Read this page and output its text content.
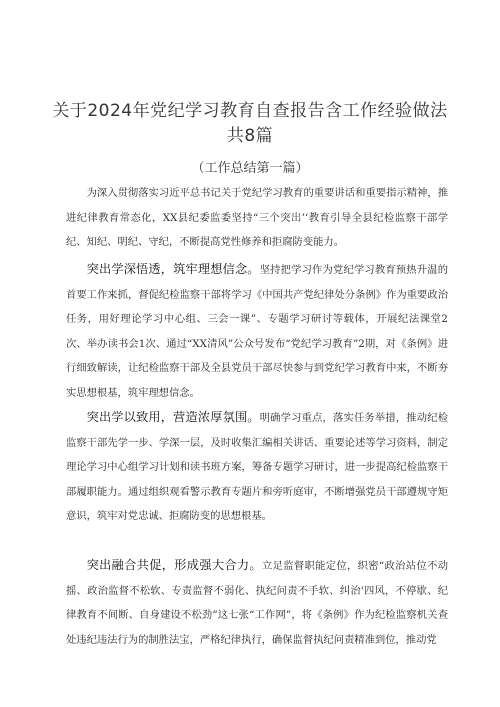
关于2024年党纪学习教育自查报告含工作经验做法
共8篇
（工作总结第一篇）

为深入贯彻落实习近平总书记关于党纪学习教育的重要讲话和重要指示精神，推进纪律教育常态化，XX县纪委监委坚持“三个突出’‘教育引导全县纪检监察干部学纪、知纪、明纪、守纪，不断提高党性修养和拒腐防变能力。

突出学深悟透，筑牢理想信念。坚持把学习作为党纪学习教育预热升温的首要工作来抓，督促纪检监察干部将学习《中国共产党纪律处分条例》作为重要政治任务，用好理论学习中心组、三会一课”、专题学习研讨等载体，开展纪法课堂2次、举办读书会1次、通过“XX清风”公众号发布“党纪学习教育”2期，对《条例》进行细致解读，让纪检监察干部及全县党员干部尽快参与到党纪学习教育中来，不断夯实思想根基，筑牢理想信念。

突出学以致用，营造浓厚氛围。明确学习重点，落实任务举措，推动纪检监察干部先学一步、学深一层，及时收集汇编相关讲话、重要论述等学习资料，制定理论学习中心组学习计划和读书班方案，筹备专题学习研讨，进一步提高纪检监察干部履职能力。通过组织观看警示教育专题片和旁听庭审，不断增强党员干部遵规守矩意识，筑牢对党忠诚、拒腐防变的思想根基。

突出融合共促，形成强大合力。立足监督职能定位，织密“政治站位不动摇、政治监督不松软、专责监督不弱化、执纪问责不手软、纠治'四风，不停歇、纪律教育不间断、自身建设不松劲”这七张“工作网”，将《条例》作为纪检监察机关查处违纪违法行为的制胜法宝，严格纪律执行，确保监督执纪问责精准到位，推动党
